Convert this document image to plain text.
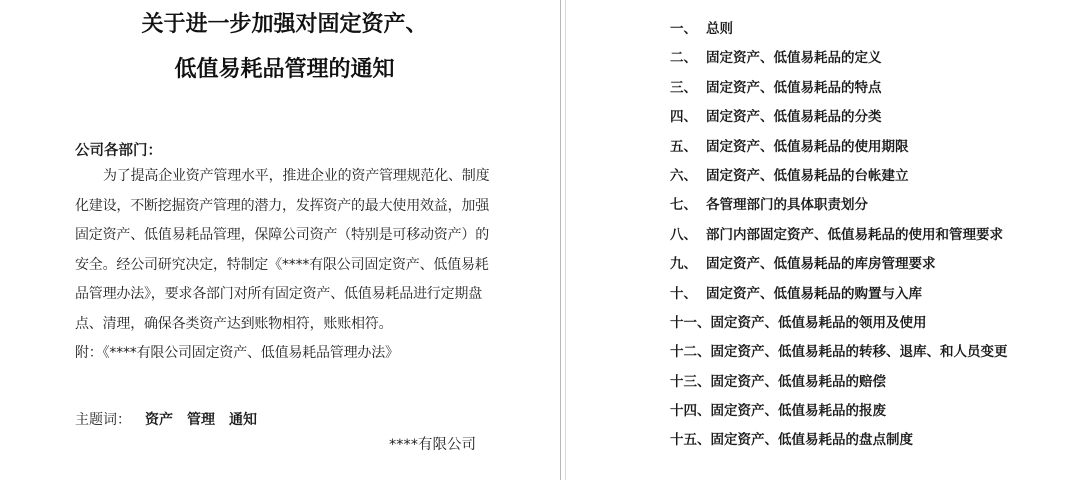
关于进一步加强对固定资产、
低值易耗品管理的通知
公司各部门：
为了提高企业资产管理水平，推进企业的资产管理规范化、制度
化建设，不断挖掘资产管理的潜力，发挥资产的最大使用效益，加强
固定资产、低值易耗品管理，保障公司资产（特别是可移动资产）的
安全。经公司研究决定，特制定《****有限公司固定资产、低值易耗
品管理办法》，要求各部门对所有固定资产、低值易耗品进行定期盘
点、清理，确保各类资产达到账物相符，账账相符。
附：《****有限公司固定资产、低值易耗品管理办法》
主题词： 资产 管理 通知
****有限公司
一、 总则
二、 固定资产、低值易耗品的定义
三、 固定资产、低值易耗品的特点
四、 固定资产、低值易耗品的分类
五、 固定资产、低值易耗品的使用期限
六、 固定资产、低值易耗品的台帐建立
七、 各管理部门的具体职责划分
八、 部门内部固定资产、低值易耗品的使用和管理要求
九、 固定资产、低值易耗品的库房管理要求
十、 固定资产、低值易耗品的购置与入库
十一、 固定资产、低值易耗品的领用及使用
十二、 固定资产、低值易耗品的转移、退库、和人员变更
十三、 固定资产、低值易耗品的赔偿
十四、 固定资产、低值易耗品的报废
十五、 固定资产、低值易耗品的盘点制度
